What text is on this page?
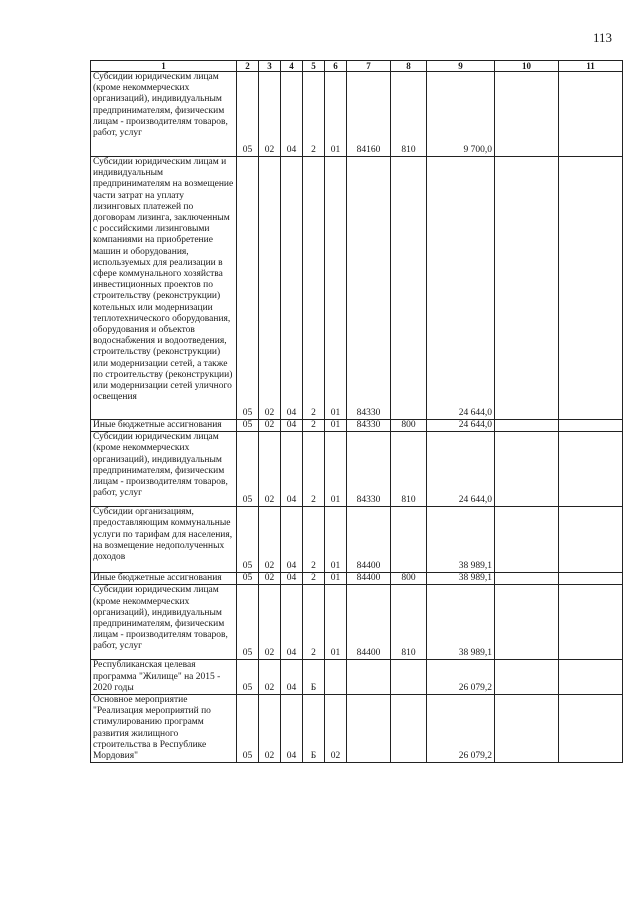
113
1	2	3	4	5	6	7	8	9	10	11
Субсидии юридическим лицам (кроме некоммерческих организаций), индивидуальным предпринимателям, физическим лицам - производителям товаров, работ, услуг	05	02	04	2	01	84160	810	9 700,0		
Субсидии юридическим лицам и индивидуальным предпринимателям на возмещение части затрат на уплату лизинговых платежей по договорам лизинга, заключенным с российскими лизинговыми компаниями на приобретение машин и оборудования, используемых для реализации в сфере коммунального хозяйства инвестиционных проектов по строительству (реконструкции) котельных или модернизации теплотехнического оборудования, оборудования и объектов водоснабжения и водоотведения, строительству (реконструкции) или модернизации сетей, а также по строительству (реконструкции) или модернизации сетей уличного освещения	05	02	04	2	01	84330		24 644,0		
Иные бюджетные ассигнования	05	02	04	2	01	84330	800	24 644,0		
Субсидии юридическим лицам (кроме некоммерческих организаций), индивидуальным предпринимателям, физическим лицам - производителям товаров, работ, услуг	05	02	04	2	01	84330	810	24 644,0		
Субсидии организациям, предоставляющим коммунальные услуги по тарифам для населения, на возмещение недополученных доходов	05	02	04	2	01	84400		38 989,1		
Иные бюджетные ассигнования	05	02	04	2	01	84400	800	38 989,1		
Субсидии юридическим лицам (кроме некоммерческих организаций), индивидуальным предпринимателям, физическим лицам - производителям товаров, работ, услуг	05	02	04	2	01	84400	810	38 989,1		
Республиканская целевая программа "Жилище" на 2015 - 2020 годы	05	02	04	Б				26 079,2		
Основное мероприятие "Реализация мероприятий по стимулированию программ развития жилищного строительства в Республике Мордовия"	05	02	04	Б	02			26 079,2		
